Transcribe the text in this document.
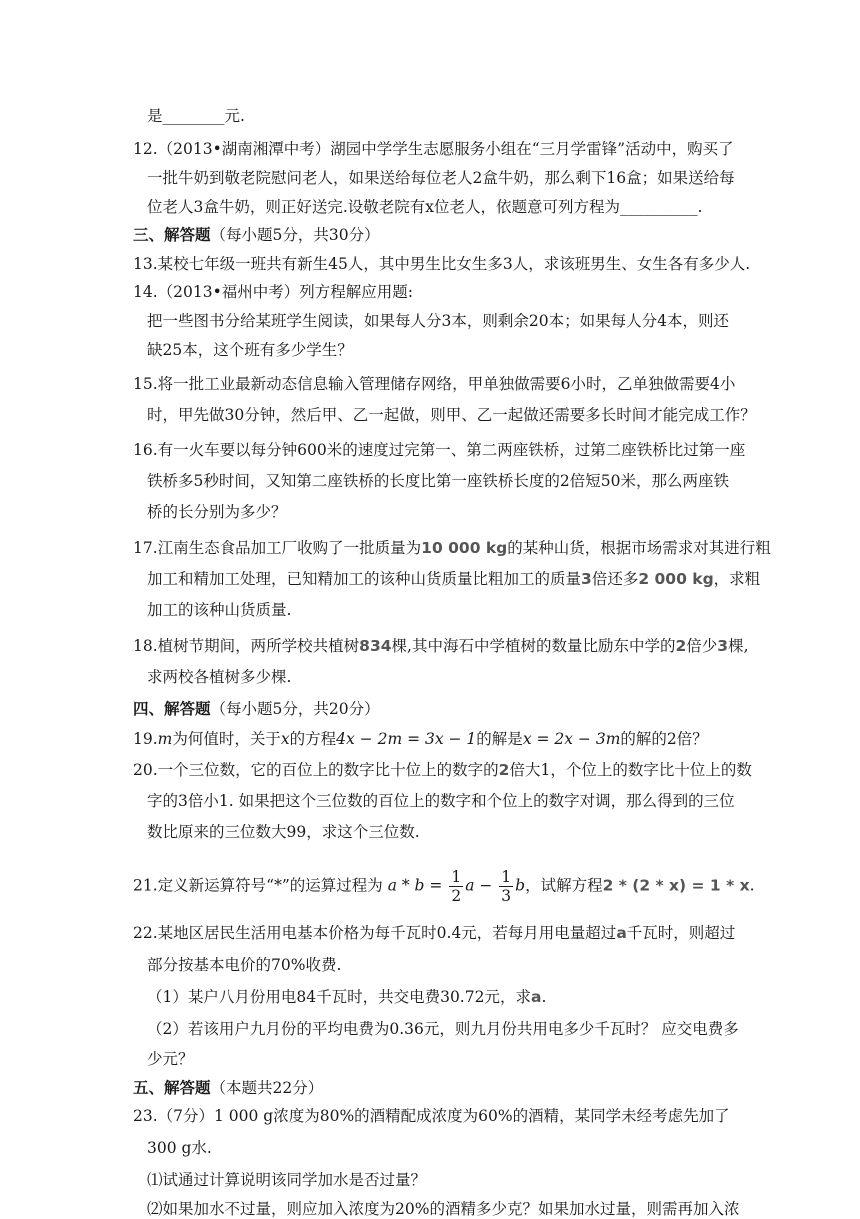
是________元.
12.（2013•湖南湘潭中考）湖园中学学生志愿服务小组在“三月学雷锋”活动中，购买了
一批牛奶到敬老院慰问老人，如果送给每位老人2盒牛奶，那么剩下16盒；如果送给每
位老人3盒牛奶，则正好送完.设敬老院有x位老人，依题意可列方程为__________.
三、解答题（每小题5分，共30分）
13.某校七年级一班共有新生45人，其中男生比女生多3人，求该班男生、女生各有多少人.
14.（2013•福州中考）列方程解应用题:
把一些图书分给某班学生阅读，如果每人分3本，则剩余20本；如果每人分4本，则还
缺25本，这个班有多少学生？
15.将一批工业最新动态信息输入管理储存网络，甲单独做需要6小时，乙单独做需要4小
时，甲先做30分钟，然后甲、乙一起做，则甲、乙一起做还需要多长时间才能完成工作？
16.有一火车要以每分钟600米的速度过完第一、第二两座铁桥，过第二座铁桥比过第一座
铁桥多5秒时间，又知第二座铁桥的长度比第一座铁桥长度的2倍短50米，那么两座铁
桥的长分别为多少？
17.江南生态食品加工厂收购了一批质量为10 000 kg的某种山货，根据市场需求对其进行粗
加工和精加工处理，已知精加工的该种山货质量比粗加工的质量3倍还多2 000 kg，求粗
加工的该种山货质量.
18.植树节期间，两所学校共植树834棵,其中海石中学植树的数量比励东中学的2倍少3棵,
求两校各植树多少棵.
四、解答题（每小题5分，共20分）
19.m为何值时，关于x的方程4x − 2m = 3x − 1的解是x = 2x − 3m的解的2倍？
20.一个三位数，它的百位上的数字比十位上的数字的2倍大1，个位上的数字比十位上的数
字的3倍小1. 如果把这个三位数的百位上的数字和个位上的数字对调，那么得到的三位
数比原来的三位数大99，求这个三位数.
21.定义新运算符号“*”的运算过程为 $a * b = \frac{1}{2}$ $a - \frac{1}{3}$ b，试解方程2 * (2 * x) = 1 * x.
22.某地区居民生活用电基本价格为每千瓦时0.4元，若每月用电量超过a千瓦时，则超过
部分按基本电价的70%收费.
（1）某户八月份用电84千瓦时，共交电费30.72元，求a.
（2）若该用户九月份的平均电费为0.36元，则九月份共用电多少千瓦时？ 应交电费多
少元？
五、解答题（本题共22分）
23.（7分）1 000 g浓度为80%的酒精配成浓度为60%的酒精，某同学未经考虑先加了
300 g水.
⑴试通过计算说明该同学加水是否过量？
⑵如果加水不过量，则应加入浓度为20%的酒精多少克？如果加水过量，则需再加入浓
